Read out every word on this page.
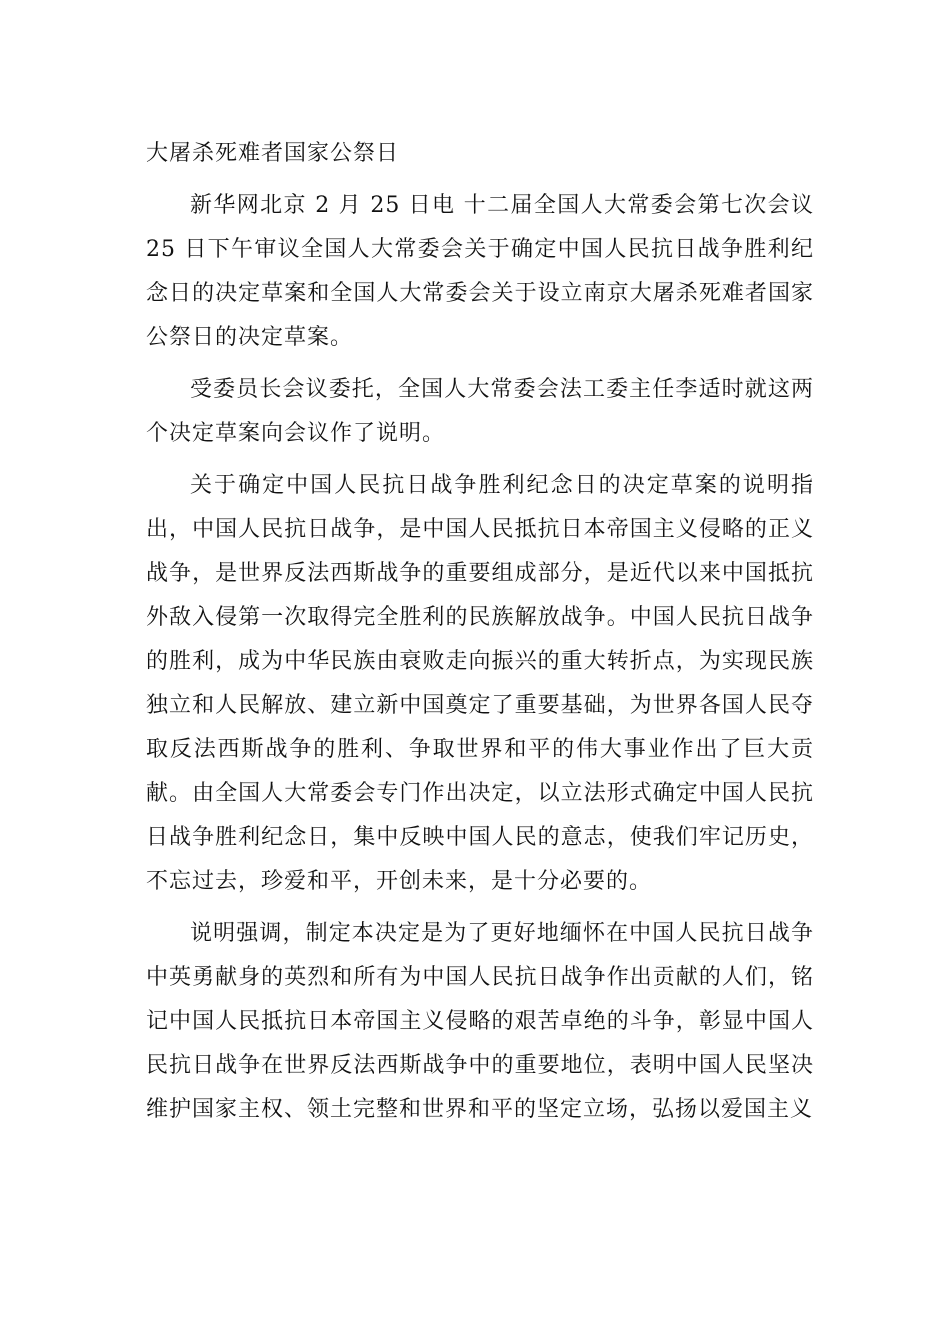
大屠杀死难者国家公祭日

新华网北京 2 月 25 日电 十二届全国人大常委会第七次会议 25 日下午审议全国人大常委会关于确定中国人民抗日战争胜利纪念日的决定草案和全国人大常委会关于设立南京大屠杀死难者国家公祭日的决定草案。

受委员长会议委托，全国人大常委会法工委主任李适时就这两个决定草案向会议作了说明。

关于确定中国人民抗日战争胜利纪念日的决定草案的说明指出，中国人民抗日战争，是中国人民抵抗日本帝国主义侵略的正义战争，是世界反法西斯战争的重要组成部分，是近代以来中国抵抗外敌入侵第一次取得完全胜利的民族解放战争。中国人民抗日战争的胜利，成为中华民族由衰败走向振兴的重大转折点，为实现民族独立和人民解放、建立新中国奠定了重要基础，为世界各国人民夺取反法西斯战争的胜利、争取世界和平的伟大事业作出了巨大贡献。由全国人大常委会专门作出决定，以立法形式确定中国人民抗日战争胜利纪念日，集中反映中国人民的意志，使我们牢记历史，不忘过去，珍爱和平，开创未来，是十分必要的。

说明强调，制定本决定是为了更好地缅怀在中国人民抗日战争中英勇献身的英烈和所有为中国人民抗日战争作出贡献的人们，铭记中国人民抵抗日本帝国主义侵略的艰苦卓绝的斗争，彰显中国人民抗日战争在世界反法西斯战争中的重要地位，表明中国人民坚决维护国家主权、领土完整和世界和平的坚定立场，弘扬以爱国主义
